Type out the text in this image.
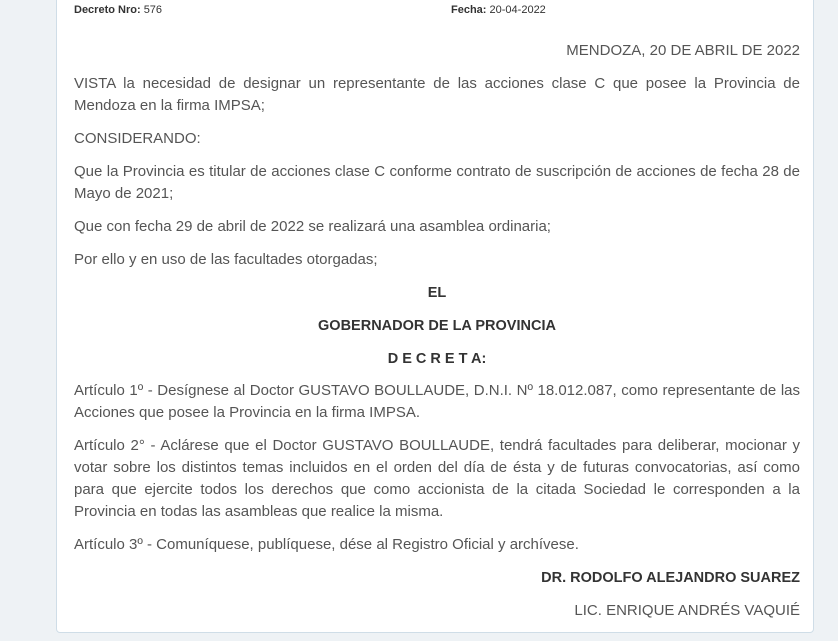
Decreto Nro: 576	Fecha: 20-04-2022

MENDOZA, 20 DE ABRIL DE 2022

VISTA la necesidad de designar un representante de las acciones clase C que posee la Provincia de Mendoza en la firma IMPSA;

CONSIDERANDO:

Que la Provincia es titular de acciones clase C conforme contrato de suscripción de acciones de fecha 28 de Mayo de 2021;

Que con fecha 29 de abril de 2022 se realizará una asamblea ordinaria;

Por ello y en uso de las facultades otorgadas;

EL

GOBERNADOR DE LA PROVINCIA

D E C R E T A:

Artículo 1º - Desígnese al Doctor GUSTAVO BOULLAUDE, D.N.I. Nº 18.012.087, como representante de las Acciones que posee la Provincia en la firma IMPSA.

Artículo 2° - Aclárese que el Doctor GUSTAVO BOULLAUDE, tendrá facultades para deliberar, mocionar y votar sobre los distintos temas incluidos en el orden del día de ésta y de futuras convocatorias, así como para que ejercite todos los derechos que como accionista de la citada Sociedad le corresponden a la Provincia en todas las asambleas que realice la misma.

Artículo 3º - Comuníquese, publíquese, dése al Registro Oficial y archívese.

DR. RODOLFO ALEJANDRO SUAREZ

LIC. ENRIQUE ANDRÉS VAQUIÉ
